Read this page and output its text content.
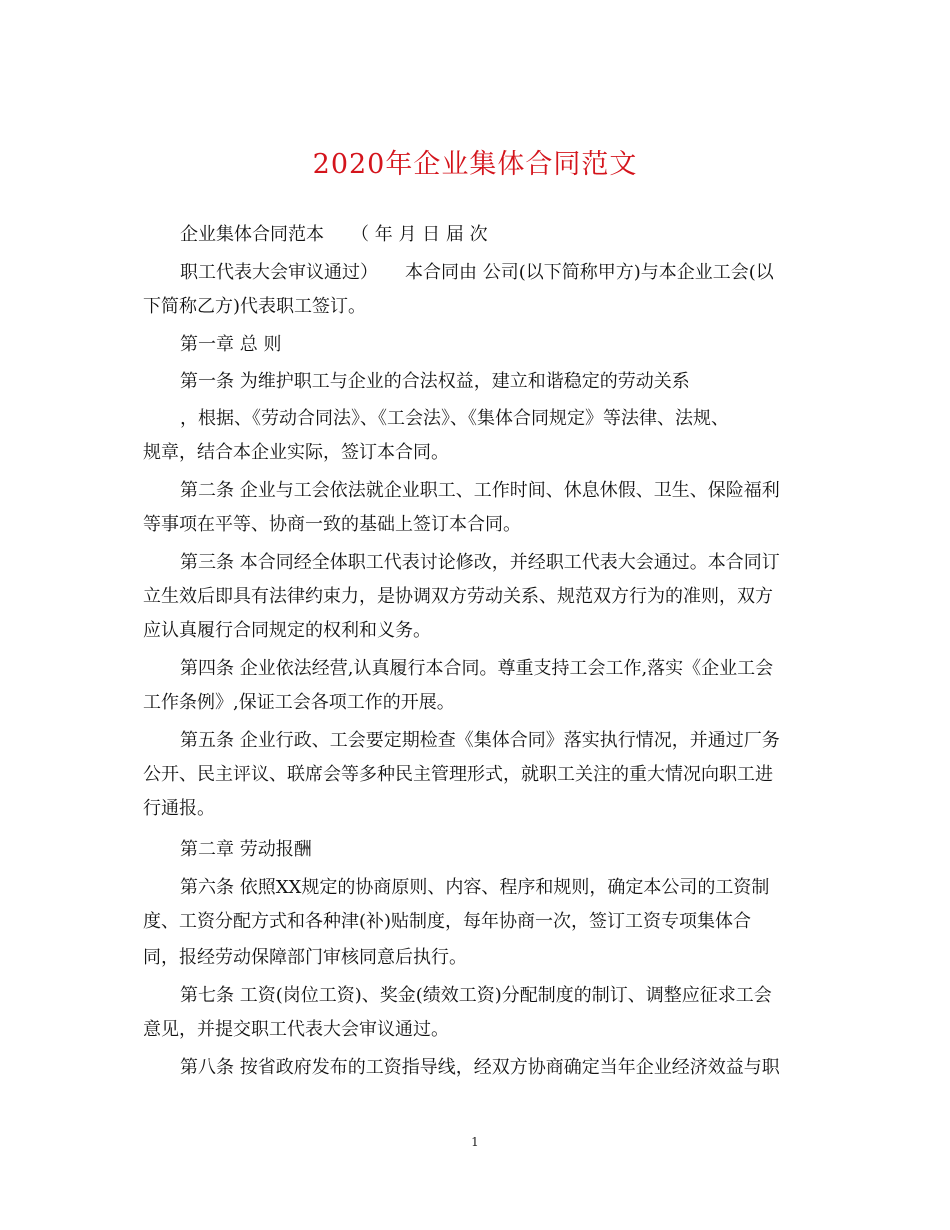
2020年企业集体合同范文
企业集体合同范本　　（ 年 月 日 届 次
职工代表大会审议通过）　　本合同由 公司(以下简称甲方)与本企业工会(以
下简称乙方)代表职工签订。
第一章 总 则
第一条 为维护职工与企业的合法权益，建立和谐稳定的劳动关系
，根据、《劳动合同法》、《工会法》、《集体合同规定》等法律、法规、
规章，结合本企业实际，签订本合同。
第二条 企业与工会依法就企业职工、工作时间、休息休假、卫生、保险福利
等事项在平等、协商一致的基础上签订本合同。
第三条 本合同经全体职工代表讨论修改，并经职工代表大会通过。本合同订
立生效后即具有法律约束力，是协调双方劳动关系、规范双方行为的准则，双方
应认真履行合同规定的权利和义务。
第四条 企业依法经营,认真履行本合同。尊重支持工会工作,落实《企业工会
工作条例》,保证工会各项工作的开展。
第五条 企业行政、工会要定期检查《集体合同》落实执行情况，并通过厂务
公开、民主评议、联席会等多种民主管理形式，就职工关注的重大情况向职工进
行通报。
第二章 劳动报酬
第六条 依照XX规定的协商原则、内容、程序和规则，确定本公司的工资制
度、工资分配方式和各种津(补)贴制度，每年协商一次，签订工资专项集体合
同，报经劳动保障部门审核同意后执行。
第七条 工资(岗位工资)、奖金(绩效工资)分配制度的制订、调整应征求工会
意见，并提交职工代表大会审议通过。
第八条 按省政府发布的工资指导线，经双方协商确定当年企业经济效益与职
1
